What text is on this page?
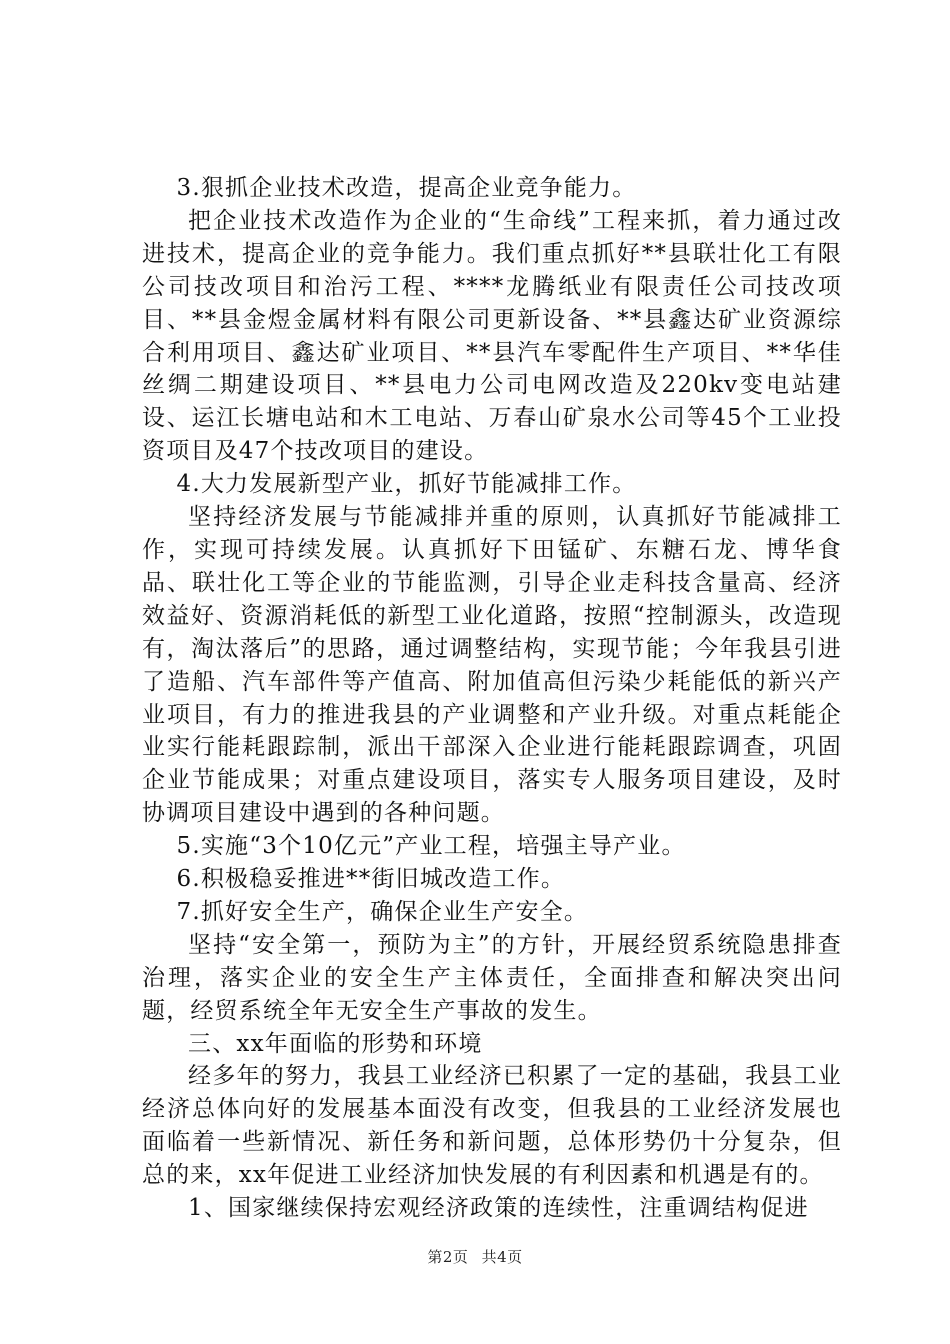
3.狠抓企业技术改造，提高企业竞争能力。

把企业技术改造作为企业的“生命线”工程来抓，着力通过改进技术，提高企业的竞争能力。我们重点抓好**县联壮化工有限公司技改项目和治污工程、****龙腾纸业有限责任公司技改项目、**县金煜金属材料有限公司更新设备、**县鑫达矿业资源综合利用项目、鑫达矿业项目、**县汽车零配件生产项目、**华佳丝绸二期建设项目、**县电力公司电网改造及220kv变电站建设、运江长塘电站和木工电站、万春山矿泉水公司等45个工业投资项目及47个技改项目的建设。

4.大力发展新型产业，抓好节能减排工作。

坚持经济发展与节能减排并重的原则，认真抓好节能减排工作，实现可持续发展。认真抓好下田锰矿、东糖石龙、博华食品、联壮化工等企业的节能监测，引导企业走科技含量高、经济效益好、资源消耗低的新型工业化道路，按照“控制源头，改造现有，淘汰落后”的思路，通过调整结构，实现节能；今年我县引进了造船、汽车部件等产值高、附加值高但污染少耗能低的新兴产业项目，有力的推进我县的产业调整和产业升级。对重点耗能企业实行能耗跟踪制，派出干部深入企业进行能耗跟踪调查，巩固企业节能成果；对重点建设项目，落实专人服务项目建设，及时协调项目建设中遇到的各种问题。

5.实施“3个10亿元”产业工程，培强主导产业。

6.积极稳妥推进**街旧城改造工作。

7.抓好安全生产，确保企业生产安全。

坚持“安全第一，预防为主”的方针，开展经贸系统隐患排查治理，落实企业的安全生产主体责任，全面排查和解决突出问题，经贸系统全年无安全生产事故的发生。

三、xx年面临的形势和环境

经多年的努力，我县工业经济已积累了一定的基础，我县工业经济总体向好的发展基本面没有改变，但我县的工业经济发展也面临着一些新情况、新任务和新问题，总体形势仍十分复杂，但总的来，xx年促进工业经济加快发展的有利因素和机遇是有的。

1、国家继续保持宏观经济政策的连续性，注重调结构促进

第2页 共4页
